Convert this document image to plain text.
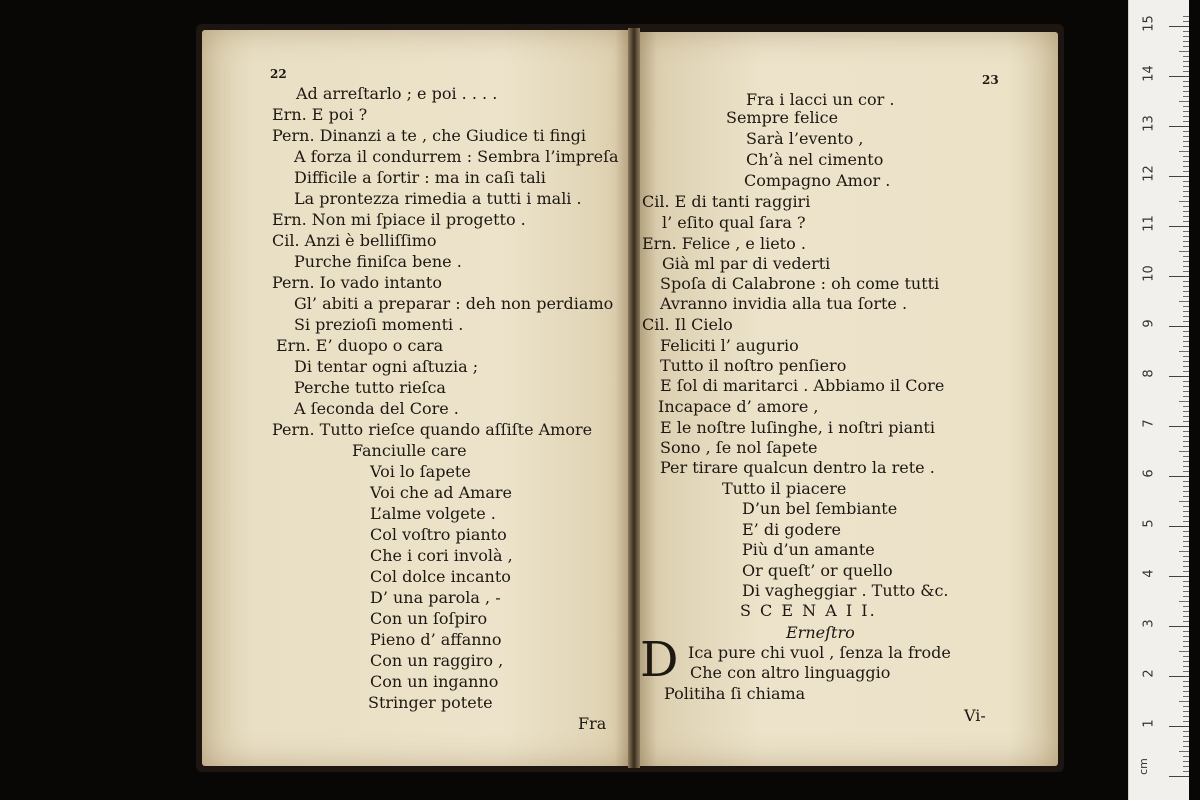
22
Ad arreſtarlo ; e poi . . . .
Ern. E poi ?
Pern. Dinanzi a te , che Giudice ti fingi
A forza il condurrem : Sembra l’impreſa
Difficile a ſortir : ma in caſi tali
La prontezza rimedia a tutti i mali .
Ern. Non mi ſpiace il progetto .
Cil. Anzi è belliſſimo
Purche finiſca bene .
Pern. Io vado intanto
Gl’ abiti a preparar : deh non perdiamo
Si prezioſi momenti .
Ern. E’ duopo o cara
Di tentar ogni aſtuzia ;
Perche tutto rieſca
A ſeconda del Core .
Pern. Tutto rieſce quando aſſiſte Amore
Fanciulle care
Voi lo ſapete
Voi che ad Amare
L’alme volgete .
Col voſtro pianto
Che i cori involà ,
Col dolce incanto
D’ una parola , -
Con un ſoſpiro
Pieno d’ affanno
Con un raggiro ,
Con un inganno
Stringer potete
Fra
23
Fra i lacci un cor .
Sempre felice
Sarà l’evento ,
Ch’à nel cimento
Compagno Amor .
Cil. E di tanti raggiri
l’ eſito qual ſara ?
Ern. Felice , e lieto .
Già ml par di vederti
Spoſa di Calabrone : oh come tutti
Avranno invidia alla tua ſorte .
Cil. Il Cielo
Feliciti l’ augurio
Tutto il noſtro penſiero
E ſol di maritarci . Abbiamo il Core
Incapace d’ amore ,
E le noſtre luſinghe, i noſtri pianti
Sono , ſe nol ſapete
Per tirare qualcun dentro la rete .
Tutto il piacere
D’un bel ſembiante
E’ di godere
Più d’un amante
Or queſt’ or quello
Di vagheggiar . Tutto &c.
S C E N A I I.
Erneſtro
D Ica pure chi vuol , ſenza la frode
Che con altro linguaggio
Politiha ſi chiama
Vi-	1
2
3
4
5
6
7
8
9
10
11
12
13
14
15
cm
